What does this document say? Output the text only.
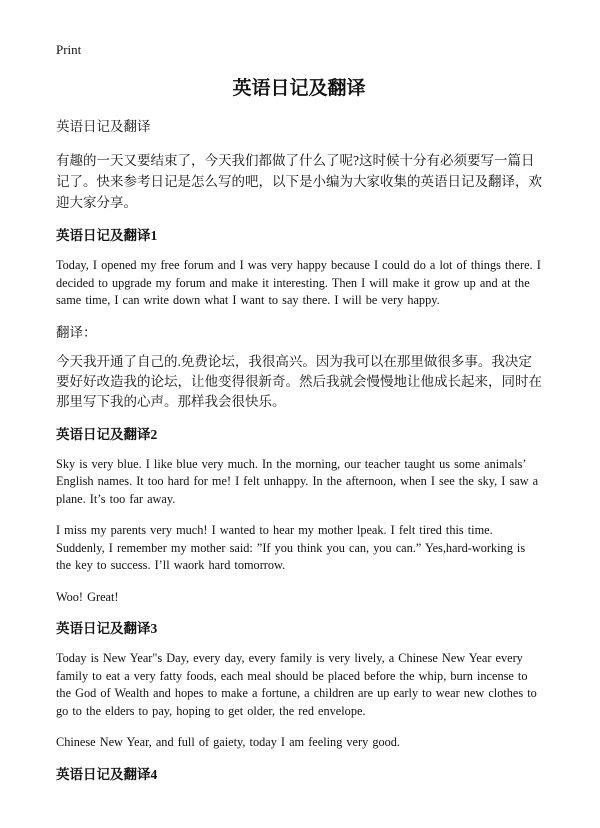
Print

英语日记及翻译

英语日记及翻译

有趣的一天又要结束了，今天我们都做了什么了呢?这时候十分有必须要写一篇日记了。快来参考日记是怎么写的吧，以下是小编为大家收集的英语日记及翻译，欢迎大家分享。

英语日记及翻译1

Today, I opened my free forum and I was very happy because I could do a lot of things there. I decided to upgrade my forum and make it interesting. Then I will make it grow up and at the same time, I can write down what I want to say there. I will be very happy.

翻译：

今天我开通了自己的.免费论坛，我很高兴。因为我可以在那里做很多事。我决定要好好改造我的论坛，让他变得很新奇。然后我就会慢慢地让他成长起来，同时在那里写下我的心声。那样我会很快乐。

英语日记及翻译2

Sky is very blue. I like blue very much. In the morning, our teacher taught us some animals’ English names. It too hard for me! I felt unhappy. In the afternoon, when I see the sky, I saw a plane. It’s too far away.

I miss my parents very much! I wanted to hear my mother lpeak. I felt tired this time. Suddenly, I remember my mother said: ”If you think you can, you can.” Yes,hard-working is the key to success. I’ll waork hard tomorrow.

Woo! Great!

英语日记及翻译3

Today is New Year"s Day, every day, every family is very lively, a Chinese New Year every family to eat a very fatty foods, each meal should be placed before the whip, burn incense to the God of Wealth and hopes to make a fortune, a children are up early to wear new clothes to go to the elders to pay, hoping to get older, the red envelope.

Chinese New Year, and full of gaiety, today I am feeling very good.

英语日记及翻译4
